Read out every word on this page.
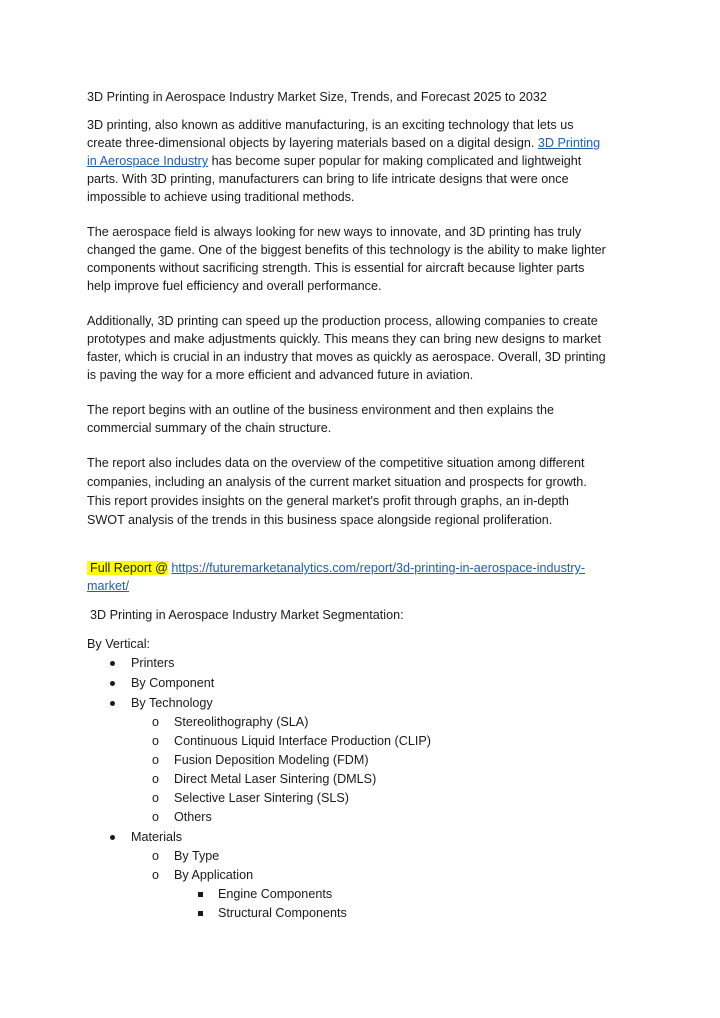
3D Printing in Aerospace Industry Market Size, Trends, and Forecast 2025 to 2032
3D printing, also known as additive manufacturing, is an exciting technology that lets us
create three-dimensional objects by layering materials based on a digital design. 3D Printing
in Aerospace Industry has become super popular for making complicated and lightweight
parts. With 3D printing, manufacturers can bring to life intricate designs that were once
impossible to achieve using traditional methods.
The aerospace field is always looking for new ways to innovate, and 3D printing has truly
changed the game. One of the biggest benefits of this technology is the ability to make lighter
components without sacrificing strength. This is essential for aircraft because lighter parts
help improve fuel efficiency and overall performance.
Additionally, 3D printing can speed up the production process, allowing companies to create
prototypes and make adjustments quickly. This means they can bring new designs to market
faster, which is crucial in an industry that moves as quickly as aerospace. Overall, 3D printing
is paving the way for a more efficient and advanced future in aviation.
The report begins with an outline of the business environment and then explains the
commercial summary of the chain structure.
The report also includes data on the overview of the competitive situation among different
companies, including an analysis of the current market situation and prospects for growth.
This report provides insights on the general market's profit through graphs, an in-depth
SWOT analysis of the trends in this business space alongside regional proliferation.
Full Report @ https://futuremarketanalytics.com/report/3d-printing-in-aerospace-industry-
market/
3D Printing in Aerospace Industry Market Segmentation:
By Vertical:
Printers
By Component
By Technology
o Stereolithography (SLA)
o Continuous Liquid Interface Production (CLIP)
o Fusion Deposition Modeling (FDM)
o Direct Metal Laser Sintering (DMLS)
o Selective Laser Sintering (SLS)
o Others
Materials
o By Type
o By Application
Engine Components
Structural Components
